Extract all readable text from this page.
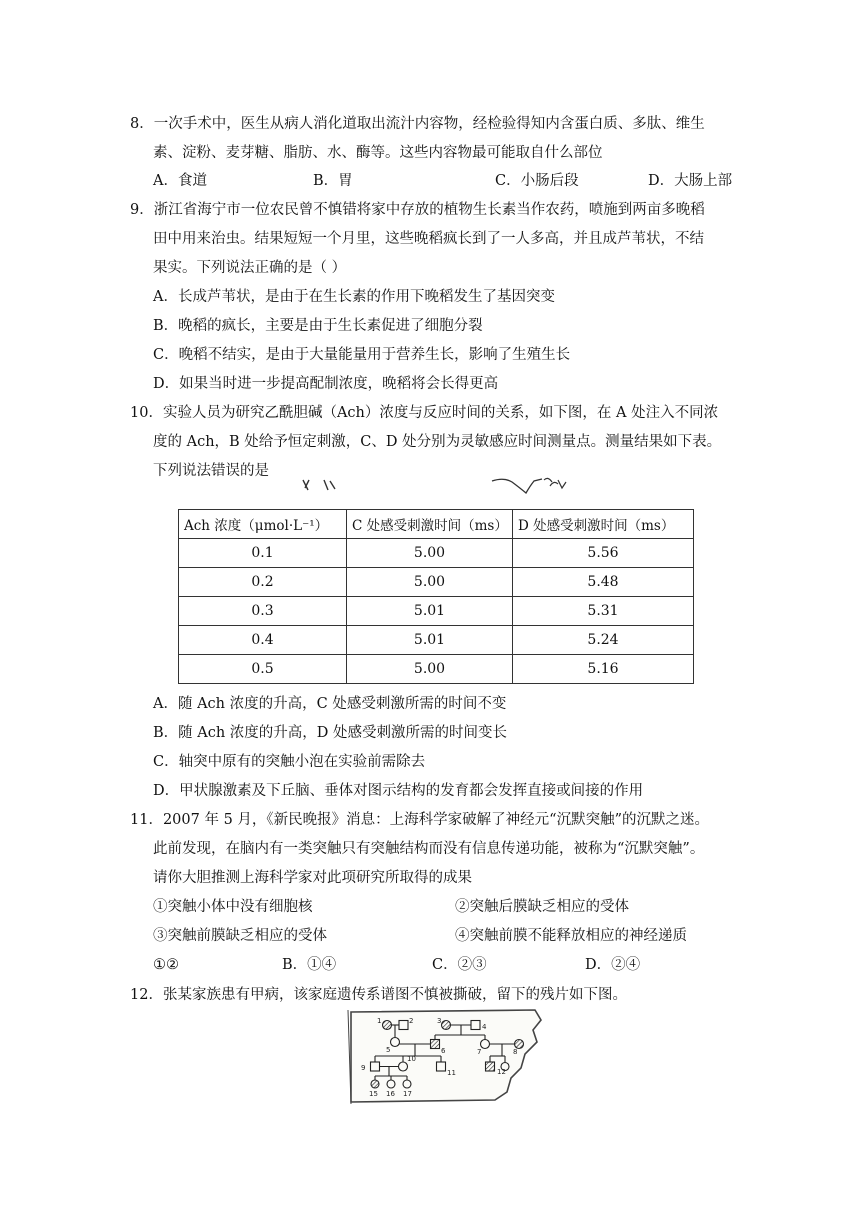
8．一次手术中，医生从病人消化道取出流汁内容物，经检验得知内含蛋白质、多肽、维生
素、淀粉、麦芽糖、脂肪、水、酶等。这些内容物最可能取自什么部位
A．食道	B．胃	C．小肠后段	D．大肠上部
9．浙江省海宁市一位农民曾不慎错将家中存放的植物生长素当作农药，喷施到两亩多晚稻
田中用来治虫。结果短短一个月里，这些晚稻疯长到了一人多高，并且成芦苇状，不结
果实。下列说法正确的是（ ）
A．长成芦苇状，是由于在生长素的作用下晚稻发生了基因突变
B．晚稻的疯长，主要是由于生长素促进了细胞分裂
C．晚稻不结实，是由于大量能量用于营养生长，影响了生殖生长
D．如果当时进一步提高配制浓度，晚稻将会长得更高
10．实验人员为研究乙酰胆碱（Ach）浓度与反应时间的关系，如下图，在 A 处注入不同浓
度的 Ach，B 处给予恒定刺激，C、D 处分别为灵敏感应时间测量点。测量结果如下表。
下列说法错误的是
Ach 浓度（μmol·L⁻¹）	C 处感受刺激时间（ms）	D 处感受刺激时间（ms）
0.1	5.00	5.56
0.2	5.00	5.48
0.3	5.01	5.31
0.4	5.01	5.24
0.5	5.00	5.16
A．随 Ach 浓度的升高，C 处感受刺激所需的时间不变
B．随 Ach 浓度的升高，D 处感受刺激所需的时间变长
C．轴突中原有的突触小泡在实验前需除去
D．甲状腺激素及下丘脑、垂体对图示结构的发育都会发挥直接或间接的作用
11．2007 年 5 月，《新民晚报》消息：上海科学家破解了神经元“沉默突触”的沉默之迷。
此前发现，在脑内有一类突触只有突触结构而没有信息传递功能，被称为“沉默突触”。
请你大胆推测上海科学家对此项研究所取得的成果
①突触小体中没有细胞核	②突触后膜缺乏相应的受体
③突触前膜缺乏相应的受体	④突触前膜不能释放相应的神经递质
①②	B．①④	C．②③	D．②④
12．张某家族患有甲病，该家庭遗传系谱图不慎被撕破，留下的残片如下图。
1	2	3
4
5	6	7	8
9
10
11	12
15 16 17
